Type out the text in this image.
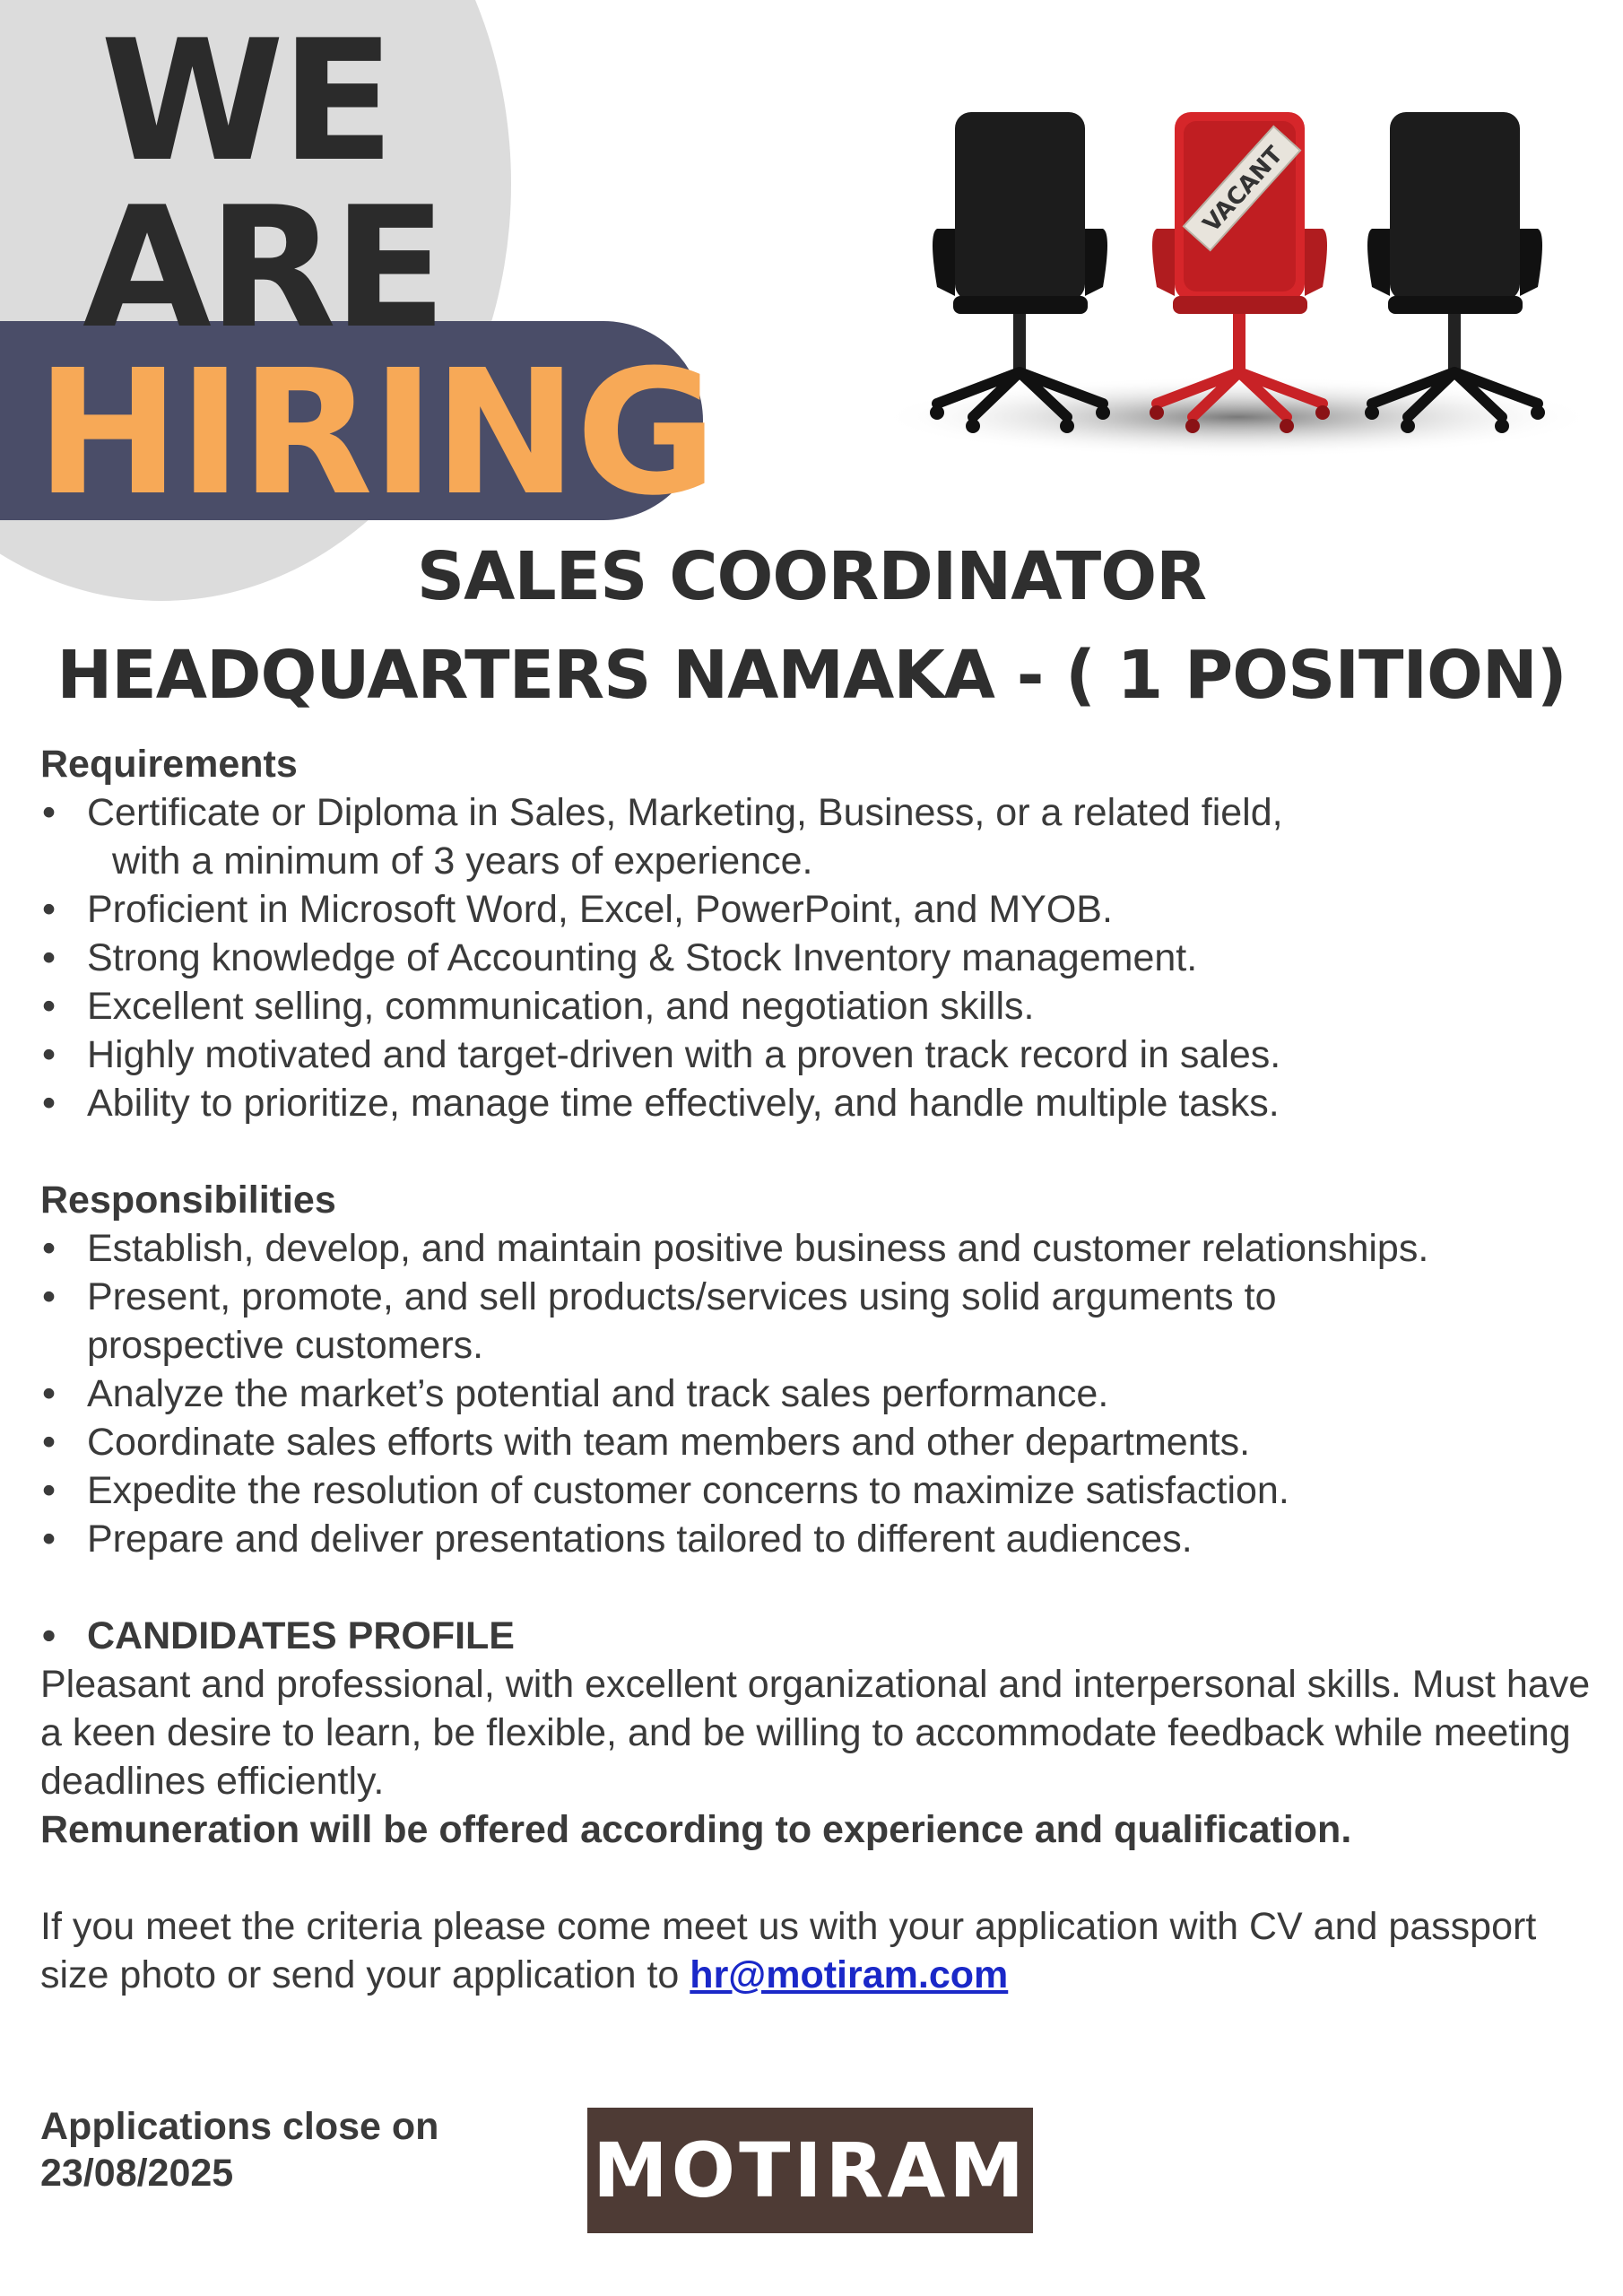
WE
ARE
HIRING
VACANT
SALES COORDINATOR
HEADQUARTERS NAMAKA - ( 1 POSITION)

Requirements

• Certificate or Diploma in Sales, Marketing, Business, or a related field,
with a minimum of 3 years of experience.
• Proficient in Microsoft Word, Excel, PowerPoint, and MYOB.
• Strong knowledge of Accounting & Stock Inventory management.
• Excellent selling, communication, and negotiation skills.
• Highly motivated and target-driven with a proven track record in sales.
• Ability to prioritize, manage time effectively, and handle multiple tasks.

Responsibilities

• Establish, develop, and maintain positive business and customer relationships.
• Present, promote, and sell products/services using solid arguments to prospective customers.
• Analyze the market’s potential and track sales performance.
• Coordinate sales efforts with team members and other departments.
• Expedite the resolution of customer concerns to maximize satisfaction.
• Prepare and deliver presentations tailored to different audiences.
• CANDIDATES PROFILE

Pleasant and professional, with excellent organizational and interpersonal skills. Must have a keen desire to learn, be flexible, and be willing to accommodate feedback while meeting deadlines efficiently.

Remuneration will be offered according to experience and qualification.

If you meet the criteria please come meet us with your application with CV and passport size photo or send your application to hr@motiram.com

Applications close on
23/08/2025	MOTIRAM
